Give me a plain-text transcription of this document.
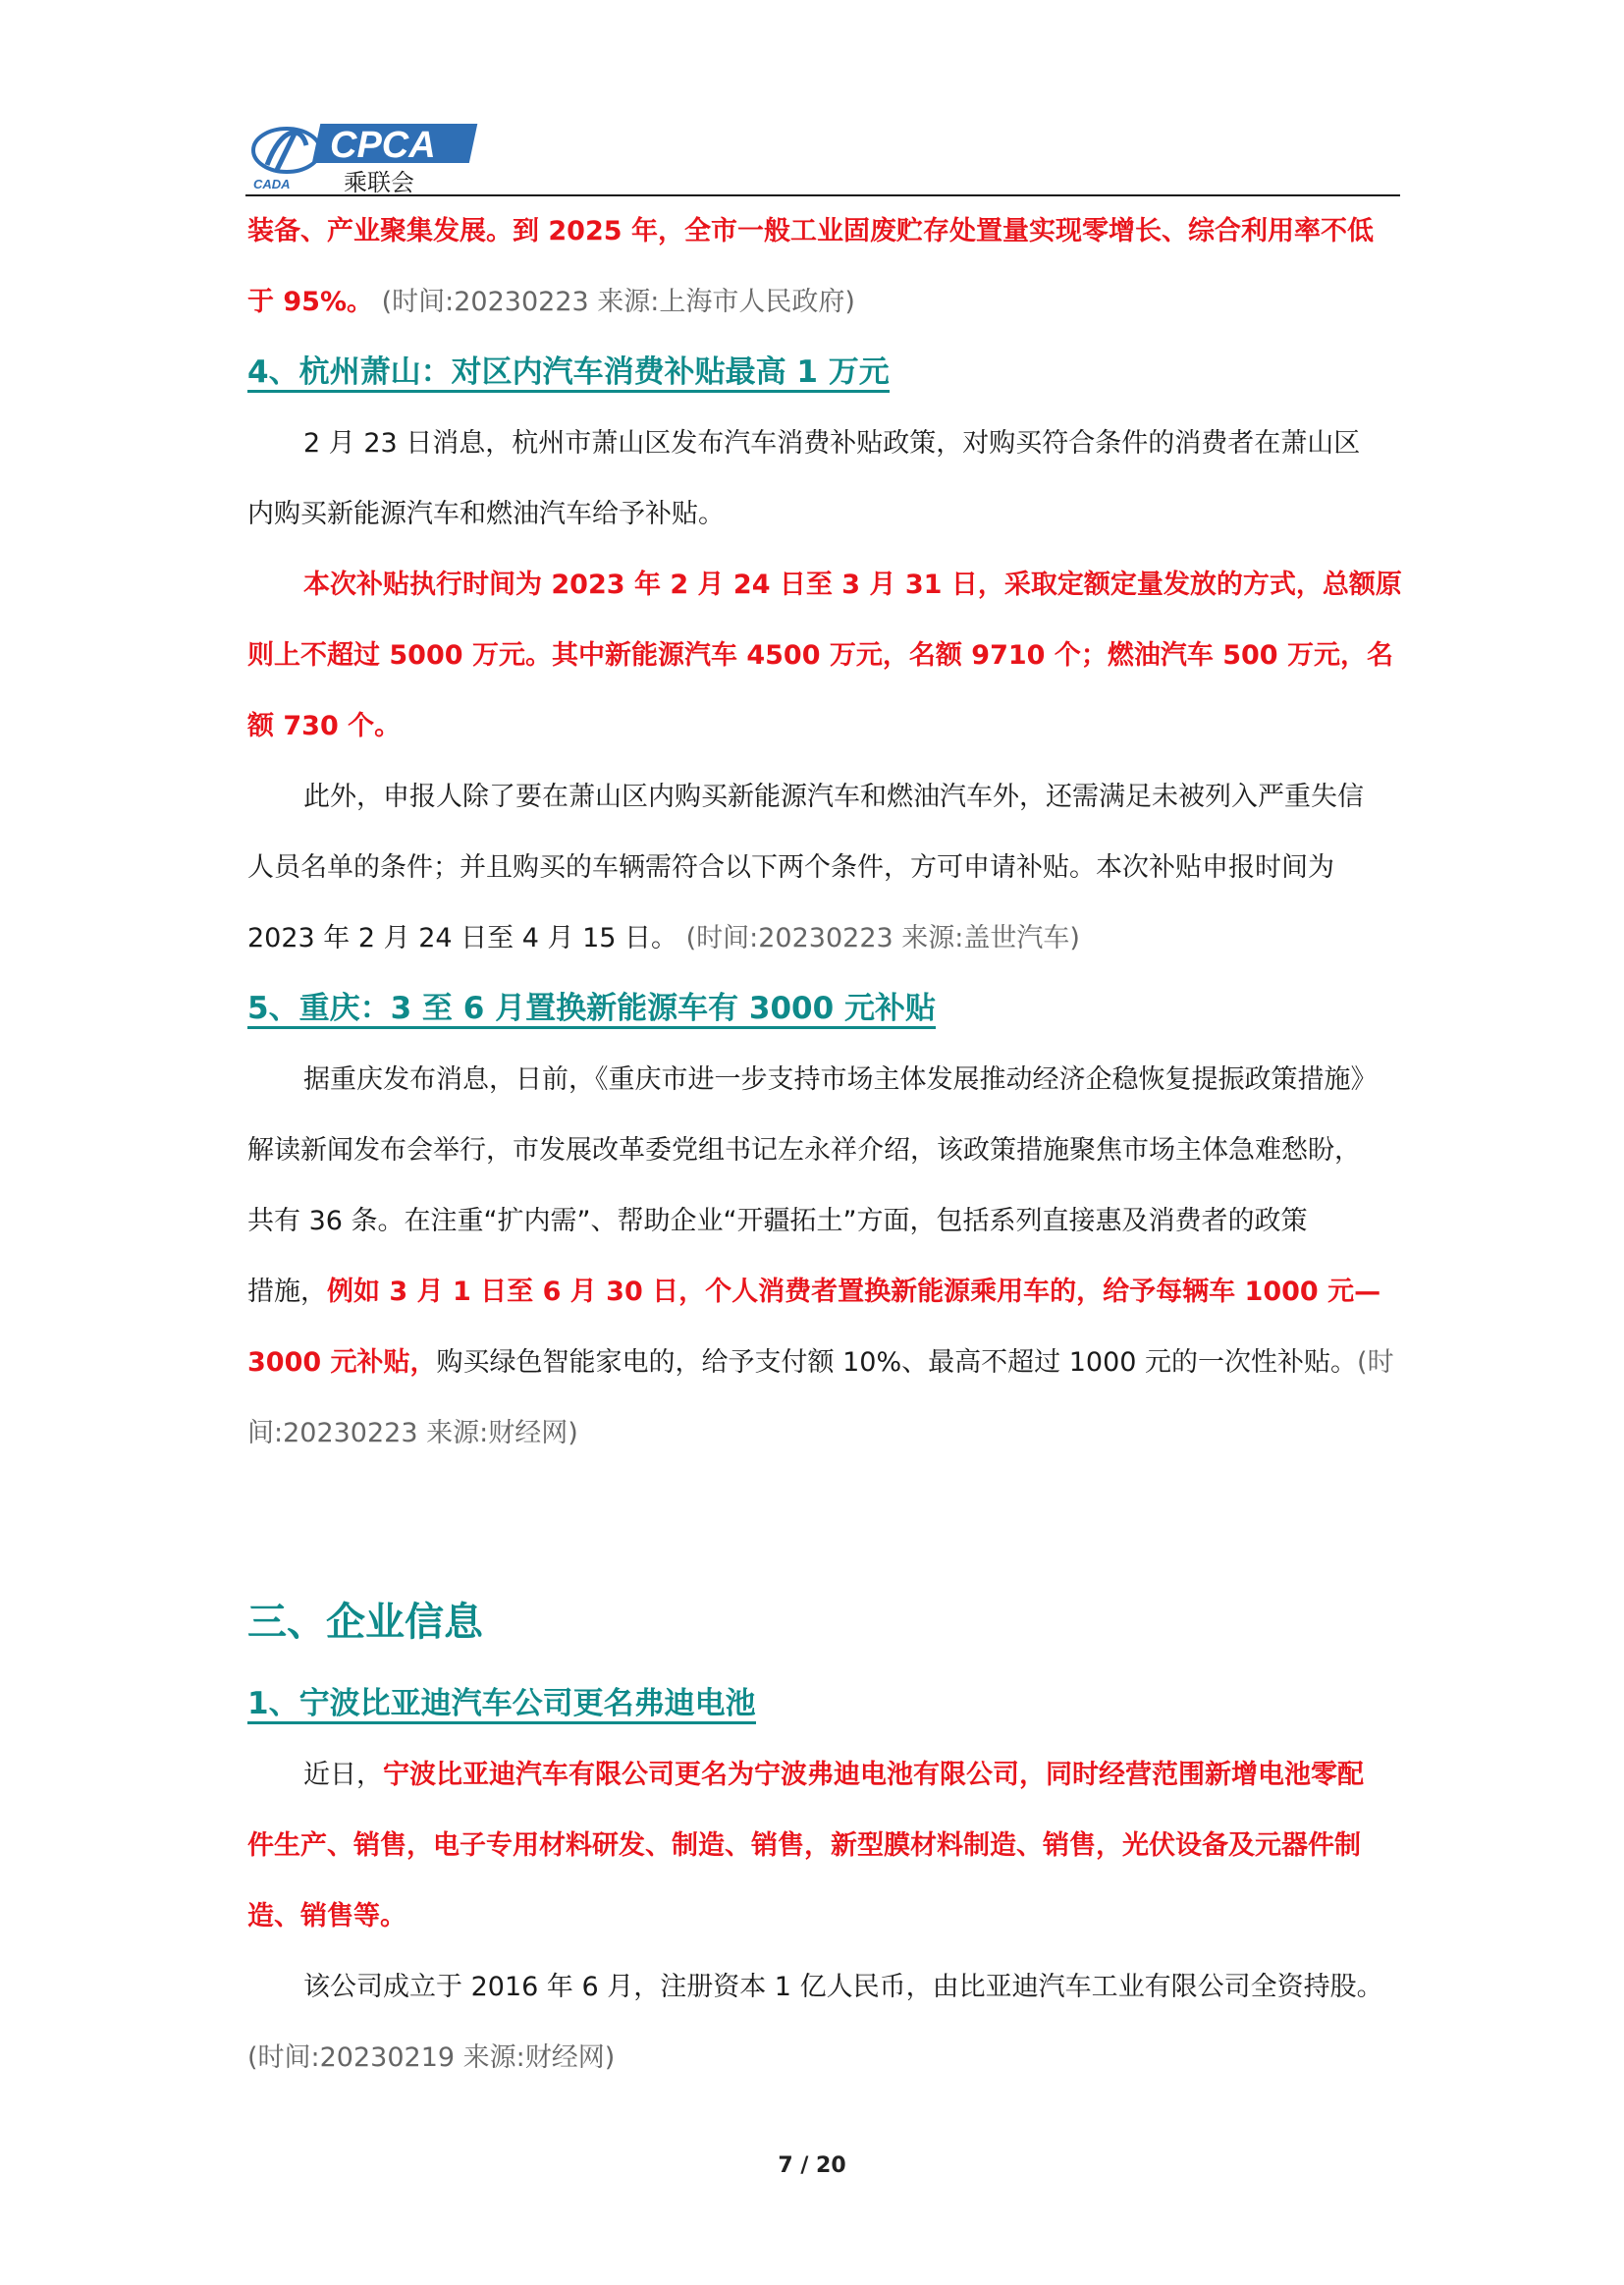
CPCA
CADA 乘联会
装备、产业聚集发展。到 2025 年，全市一般工业固废贮存处置量实现零增长、综合利用率不低
于 95%。 (时间:20230223 来源:上海市人民政府)
4、杭州萧山：对区内汽车消费补贴最高 1 万元
2 月 23 日消息，杭州市萧山区发布汽车消费补贴政策，对购买符合条件的消费者在萧山区
内购买新能源汽车和燃油汽车给予补贴。
本次补贴执行时间为 2023 年 2 月 24 日至 3 月 31 日，采取定额定量发放的方式，总额原
则上不超过 5000 万元。其中新能源汽车 4500 万元，名额 9710 个；燃油汽车 500 万元，名
额 730 个。
此外，申报人除了要在萧山区内购买新能源汽车和燃油汽车外，还需满足未被列入严重失信
人员名单的条件；并且购买的车辆需符合以下两个条件，方可申请补贴。本次补贴申报时间为
2023 年 2 月 24 日至 4 月 15 日。 (时间:20230223 来源:盖世汽车)
5、重庆：3 至 6 月置换新能源车有 3000 元补贴
据重庆发布消息，日前，《重庆市进一步支持市场主体发展推动经济企稳恢复提振政策措施》
解读新闻发布会举行，市发展改革委党组书记左永祥介绍，该政策措施聚焦市场主体急难愁盼，
共有 36 条。在注重“扩内需”、帮助企业“开疆拓土”方面，包括系列直接惠及消费者的政策
措施，例如 3 月 1 日至 6 月 30 日，个人消费者置换新能源乘用车的，给予每辆车 1000 元—
3000 元补贴，购买绿色智能家电的，给予支付额 10%、最高不超过 1000 元的一次性补贴。(时
间:20230223 来源:财经网)
三、企业信息
1、宁波比亚迪汽车公司更名弗迪电池
近日，宁波比亚迪汽车有限公司更名为宁波弗迪电池有限公司，同时经营范围新增电池零配
件生产、销售，电子专用材料研发、制造、销售，新型膜材料制造、销售，光伏设备及元器件制
造、销售等。
该公司成立于 2016 年 6 月，注册资本 1 亿人民币，由比亚迪汽车工业有限公司全资持股。
(时间:20230219 来源:财经网)
7 / 20
